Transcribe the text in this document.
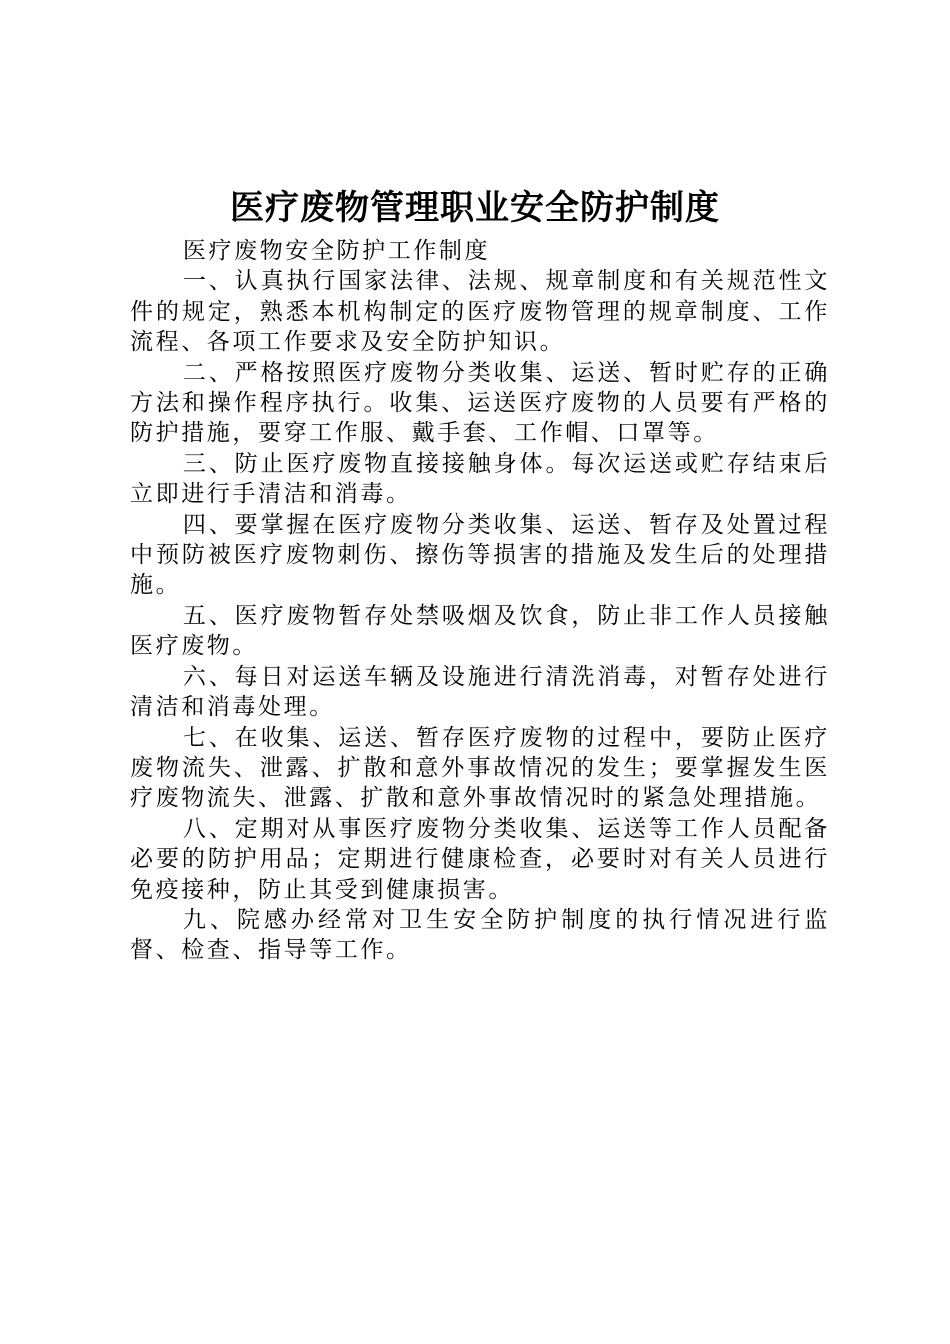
医疗废物管理职业安全防护制度

医疗废物安全防护工作制度

一、认真执行国家法律、法规、规章制度和有关规范性文件的规定，熟悉本机构制定的医疗废物管理的规章制度、工作流程、各项工作要求及安全防护知识。

二、严格按照医疗废物分类收集、运送、暂时贮存的正确方法和操作程序执行。收集、运送医疗废物的人员要有严格的防护措施，要穿工作服、戴手套、工作帽、口罩等。

三、防止医疗废物直接接触身体。每次运送或贮存结束后立即进行手清洁和消毒。

四、要掌握在医疗废物分类收集、运送、暂存及处置过程中预防被医疗废物刺伤、擦伤等损害的措施及发生后的处理措施。

五、医疗废物暂存处禁吸烟及饮食，防止非工作人员接触医疗废物。

六、每日对运送车辆及设施进行清洗消毒，对暂存处进行清洁和消毒处理。

七、在收集、运送、暂存医疗废物的过程中，要防止医疗废物流失、泄露、扩散和意外事故情况的发生；要掌握发生医疗废物流失、泄露、扩散和意外事故情况时的紧急处理措施。

八、定期对从事医疗废物分类收集、运送等工作人员配备必要的防护用品；定期进行健康检查，必要时对有关人员进行免疫接种，防止其受到健康损害。

九、院感办经常对卫生安全防护制度的执行情况进行监督、检查、指导等工作。
